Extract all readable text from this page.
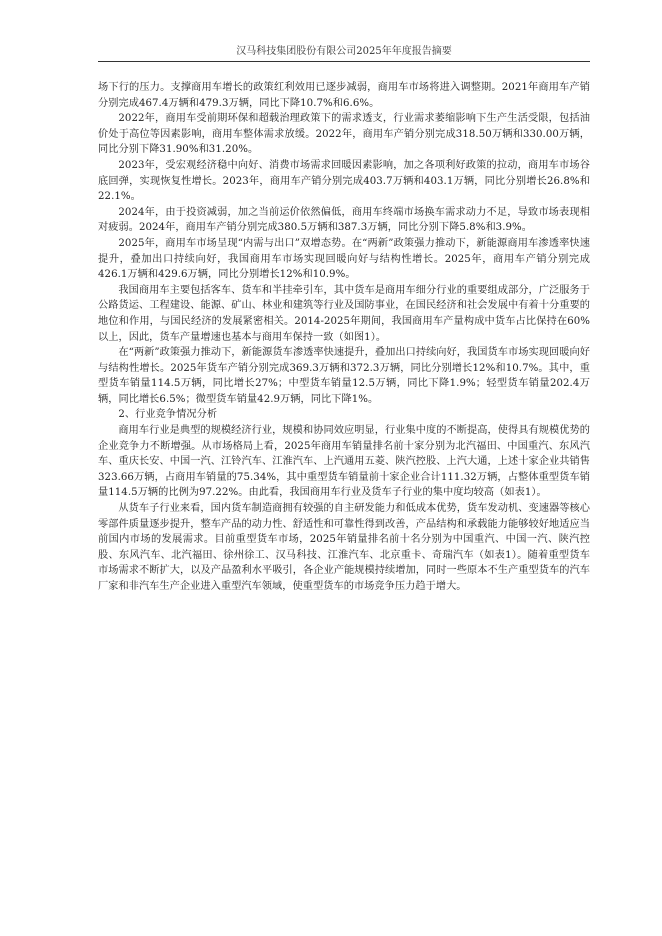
汉马科技集团股份有限公司2025年年度报告摘要

场下行的压力。支撑商用车增长的政策红利效用已逐步减弱，商用车市场将进入调整期。2021年商用车产销分别完成467.4万辆和479.3万辆，同比下降10.7%和6.6%。

2022年，商用车受前期环保和超载治理政策下的需求透支，行业需求萎缩影响下生产生活受限，包括油价处于高位等因素影响，商用车整体需求放缓。2022年，商用车产销分别完成318.50万辆和330.00万辆，同比分别下降31.90%和31.20%。

2023年，受宏观经济稳中向好、消费市场需求回暖因素影响，加之各项利好政策的拉动，商用车市场谷底回弹，实现恢复性增长。2023年，商用车产销分别完成403.7万辆和403.1万辆，同比分别增长26.8%和22.1%。

2024年，由于投资减弱，加之当前运价依然偏低，商用车终端市场换车需求动力不足，导致市场表现相对疲弱。2024年，商用车产销分别完成380.5万辆和387.3万辆，同比分别下降5.8%和3.9%。

2025年，商用车市场呈现“内需与出口”双增态势。在“两新”政策强力推动下，新能源商用车渗透率快速提升，叠加出口持续向好，我国商用车市场实现回暖向好与结构性增长。2025年，商用车产销分别完成426.1万辆和429.6万辆，同比分别增长12%和10.9%。

我国商用车主要包括客车、货车和半挂牵引车，其中货车是商用车细分行业的重要组成部分，广泛服务于公路货运、工程建设、能源、矿山、林业和建筑等行业及国防事业，在国民经济和社会发展中有着十分重要的地位和作用，与国民经济的发展紧密相关。2014-2025年期间，我国商用车产量构成中货车占比保持在60%以上，因此，货车产量增速也基本与商用车保持一致（如图1）。

在“两新”政策强力推动下，新能源货车渗透率快速提升，叠加出口持续向好，我国货车市场实现回暖向好与结构性增长。2025年货车产销分别完成369.3万辆和372.3万辆，同比分别增长12%和10.7%。其中，重型货车销量114.5万辆，同比增长27%；中型货车销量12.5万辆，同比下降1.9%；轻型货车销量202.4万辆，同比增长6.5%；微型货车销量42.9万辆，同比下降1%。

2、行业竞争情况分析

商用车行业是典型的规模经济行业，规模和协同效应明显，行业集中度的不断提高，使得具有规模优势的企业竞争力不断增强。从市场格局上看，2025年商用车销量排名前十家分别为北汽福田、中国重汽、东风汽车、重庆长安、中国一汽、江铃汽车、江淮汽车、上汽通用五菱、陕汽控股、上汽大通，上述十家企业共销售323.66万辆，占商用车销量的75.34%，其中重型货车销量前十家企业合计111.32万辆，占整体重型货车销量114.5万辆的比例为97.22%。由此看，我国商用车行业及货车子行业的集中度均较高（如表1）。

从货车子行业来看，国内货车制造商拥有较强的自主研发能力和低成本优势，货车发动机、变速器等核心零部件质量逐步提升，整车产品的动力性、舒适性和可靠性得到改善，产品结构和承载能力能够较好地适应当前国内市场的发展需求。目前重型货车市场，2025年销量排名前十名分别为中国重汽、中国一汽、陕汽控股、东风汽车、北汽福田、徐州徐工、汉马科技、江淮汽车、北京重卡、奇瑞汽车（如表1）。随着重型货车市场需求不断扩大，以及产品盈利水平吸引，各企业产能规模持续增加，同时一些原本不生产重型货车的汽车厂家和非汽车生产企业进入重型汽车领域，使重型货车的市场竞争压力趋于增大。
